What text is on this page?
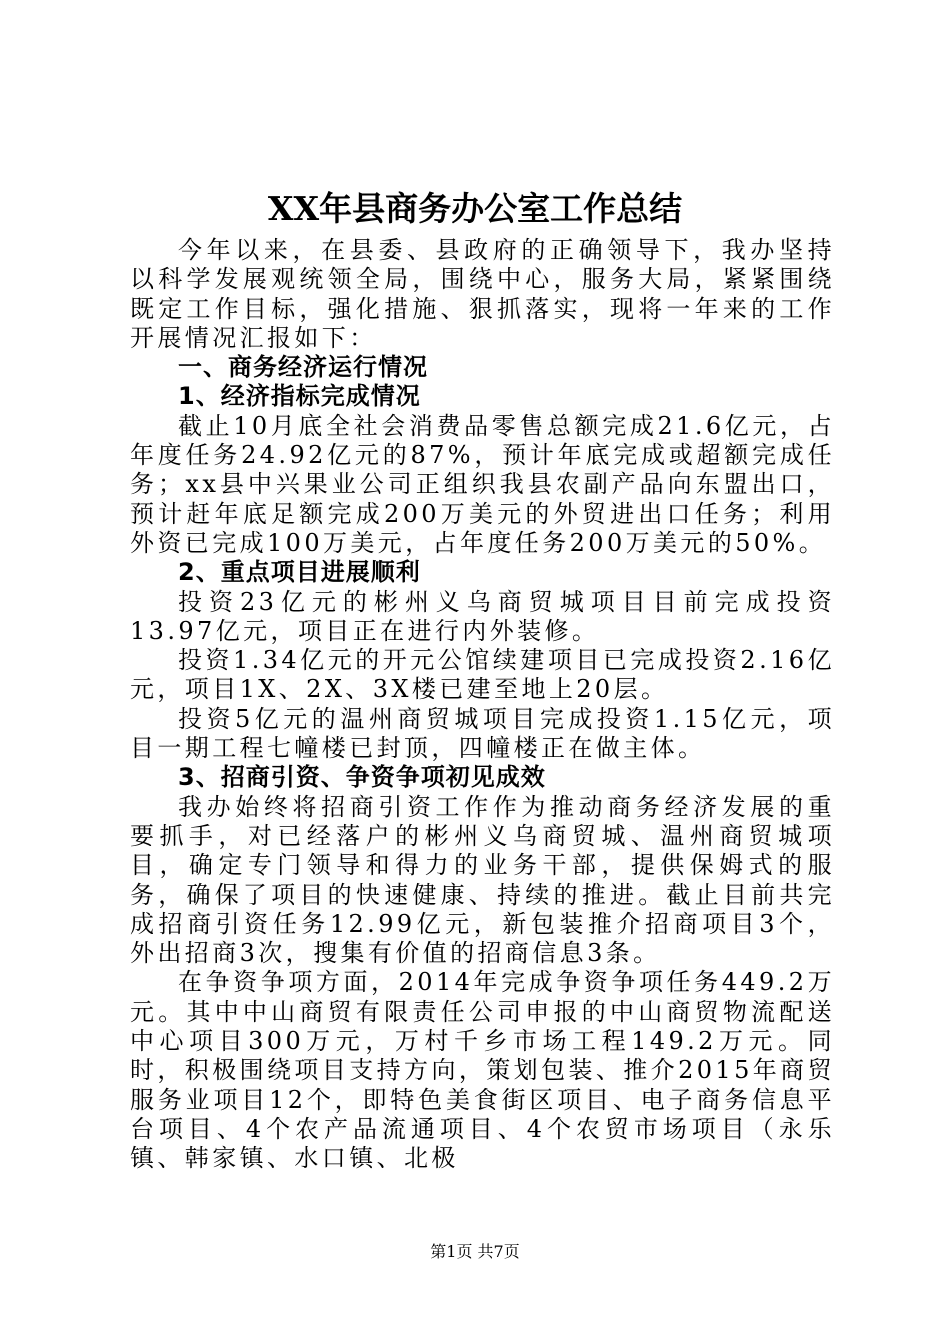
XX年县商务办公室工作总结

今年以来，在县委、县政府的正确领导下，我办坚持以科学发展观统领全局，围绕中心，服务大局，紧紧围绕既定工作目标，强化措施、狠抓落实，现将一年来的工作开展情况汇报如下：

一、商务经济运行情况

1、经济指标完成情况

截止10月底全社会消费品零售总额完成21.6亿元，占年度任务24.92亿元的87%，预计年底完成或超额完成任务；xx县中兴果业公司正组织我县农副产品向东盟出口，预计赶年底足额完成200万美元的外贸进出口任务；利用外资已完成100万美元，占年度任务200万美元的50%。

2、重点项目进展顺利

投资23亿元的彬州义乌商贸城项目目前完成投资13.97亿元，项目正在进行内外装修。

投资1.34亿元的开元公馆续建项目已完成投资2.16亿元，项目1X、2X、3X楼已建至地上20层。

投资5亿元的温州商贸城项目完成投资1.15亿元，项目一期工程七幢楼已封顶，四幢楼正在做主体。

3、招商引资、争资争项初见成效

我办始终将招商引资工作作为推动商务经济发展的重要抓手，对已经落户的彬州义乌商贸城、温州商贸城项目，确定专门领导和得力的业务干部，提供保姆式的服务，确保了项目的快速健康、持续的推进。截止目前共完成招商引资任务12.99亿元，新包装推介招商项目3个，外出招商3次，搜集有价值的招商信息3条。

在争资争项方面，2014年完成争资争项任务449.2万元。其中中山商贸有限责任公司申报的中山商贸物流配送中心项目300万元，万村千乡市场工程149.2万元。同时，积极围绕项目支持方向，策划包装、推介2015年商贸服务业项目12个，即特色美食街区项目、电子商务信息平台项目、4个农产品流通项目、4个农贸市场项目（永乐镇、韩家镇、水口镇、北极

第1页 共7页
